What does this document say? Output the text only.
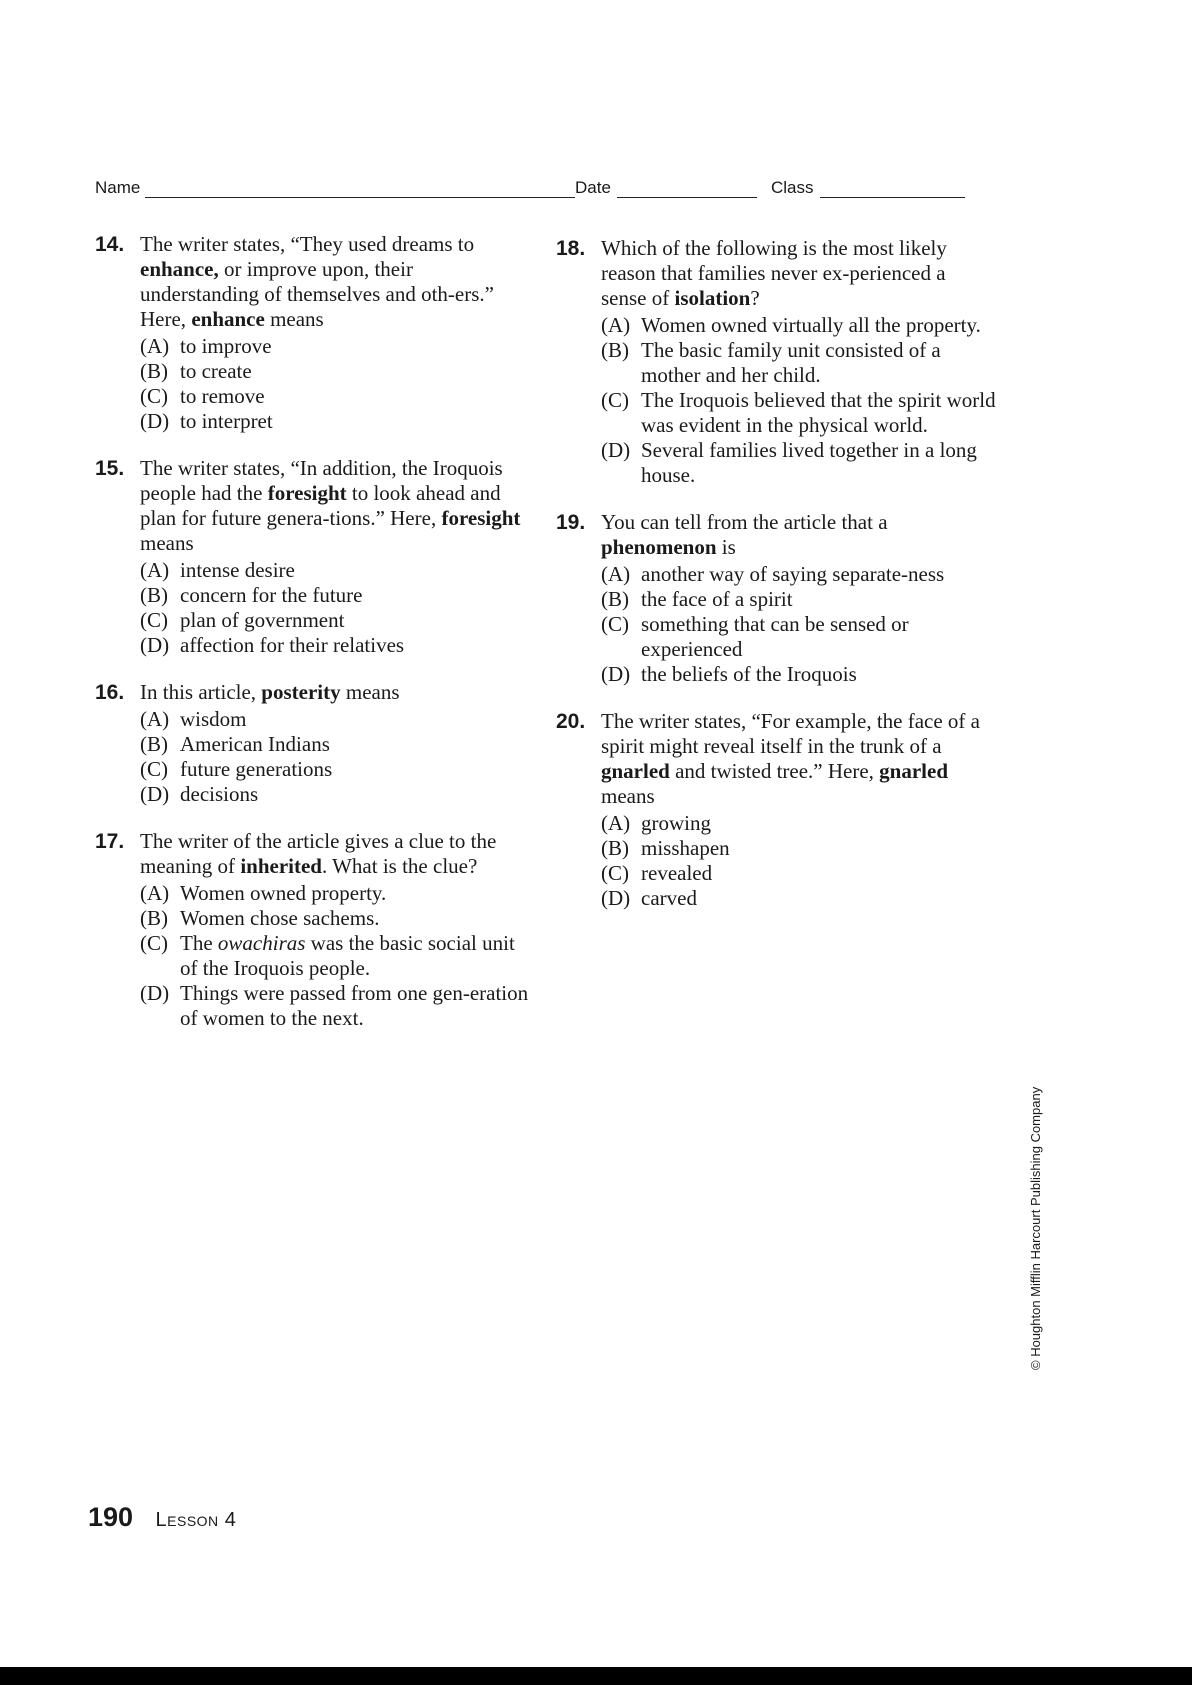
Name	Date	Class
14. The writer states, “They used dreams to enhance, or improve upon, their understanding of themselves and oth-ers.” Here, enhance means
(A) to improve
(B) to create
(C) to remove
(D) to interpret
15. The writer states, “In addition, the Iroquois people had the foresight to look ahead and plan for future genera-tions.” Here, foresight means
(A) intense desire
(B) concern for the future
(C) plan of government
(D) affection for their relatives
16. In this article, posterity means
(A) wisdom
(B) American Indians
(C) future generations
(D) decisions
17. The writer of the article gives a clue to the meaning of inherited. What is the clue?
(A) Women owned property.
(B) Women chose sachems.
(C) The owachiras was the basic social unit of the Iroquois people.
(D) Things were passed from one gen-eration of women to the next.
18. Which of the following is the most likely reason that families never ex-perienced a sense of isolation?
(A) Women owned virtually all the property.
(B) The basic family unit consisted of a mother and her child.
(C) The Iroquois believed that the spirit world was evident in the physical world.
(D) Several families lived together in a long house.
19. You can tell from the article that a phenomenon is
(A) another way of saying separate-ness
(B) the face of a spirit
(C) something that can be sensed or experienced
(D) the beliefs of the Iroquois
20. The writer states, “For example, the face of a spirit might reveal itself in the trunk of a gnarled and twisted tree.” Here, gnarled means
(A) growing
(B) misshapen
(C) revealed
(D) carved
190 Lesson 4
© Houghton Mifflin Harcourt Publishing Company
